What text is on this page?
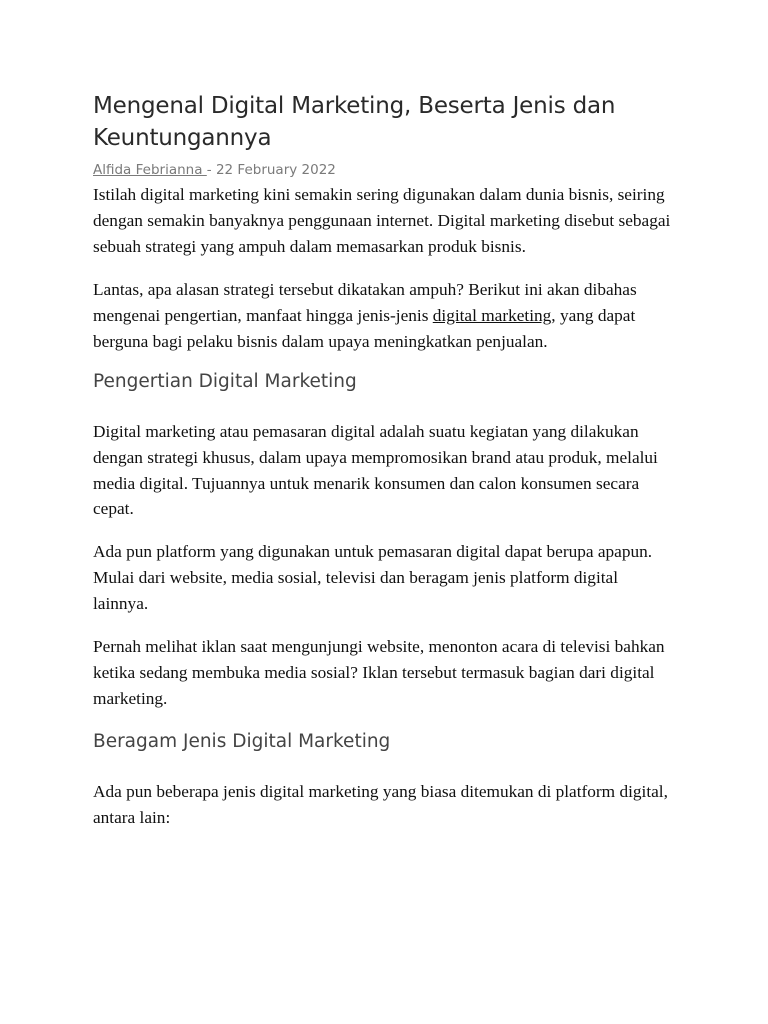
Mengenal Digital Marketing, Beserta Jenis dan
Keuntungannya
Alfida Febrianna - 22 February 2022

Istilah digital marketing kini semakin sering digunakan dalam dunia bisnis, seiring
dengan semakin banyaknya penggunaan internet. Digital marketing disebut sebagai
sebuah strategi yang ampuh dalam memasarkan produk bisnis.

Lantas, apa alasan strategi tersebut dikatakan ampuh? Berikut ini akan dibahas
mengenai pengertian, manfaat hingga jenis-jenis digital marketing, yang dapat
berguna bagi pelaku bisnis dalam upaya meningkatkan penjualan.

Pengertian Digital Marketing

Digital marketing atau pemasaran digital adalah suatu kegiatan yang dilakukan
dengan strategi khusus, dalam upaya mempromosikan brand atau produk, melalui
media digital. Tujuannya untuk menarik konsumen dan calon konsumen secara
cepat.

Ada pun platform yang digunakan untuk pemasaran digital dapat berupa apapun.
Mulai dari website, media sosial, televisi dan beragam jenis platform digital
lainnya.

Pernah melihat iklan saat mengunjungi website, menonton acara di televisi bahkan
ketika sedang membuka media sosial? Iklan tersebut termasuk bagian dari digital
marketing.

Beragam Jenis Digital Marketing

Ada pun beberapa jenis digital marketing yang biasa ditemukan di platform digital,
antara lain:
